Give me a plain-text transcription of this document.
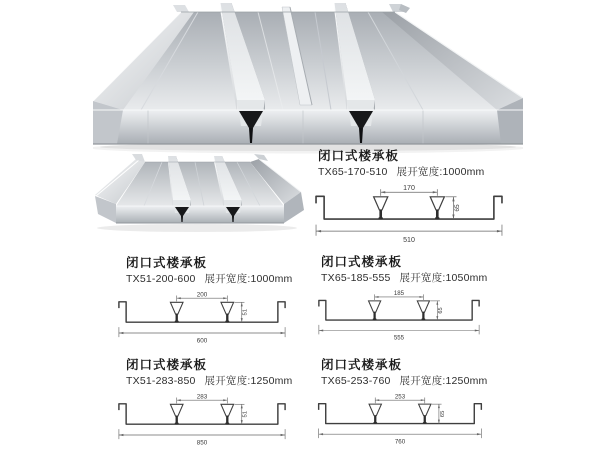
闭口式楼承板
TX65-170-510 展开宽度:1000mm
170
65
510
闭口式楼承板
TX51-200-600 展开宽度:1000mm
200
51
600
闭口式楼承板
TX65-185-555 展开宽度:1050mm
185
65
555
闭口式楼承板
TX51-283-850 展开宽度:1250mm
283
51
850
闭口式楼承板
TX65-253-760 展开宽度:1250mm
253
65
760
